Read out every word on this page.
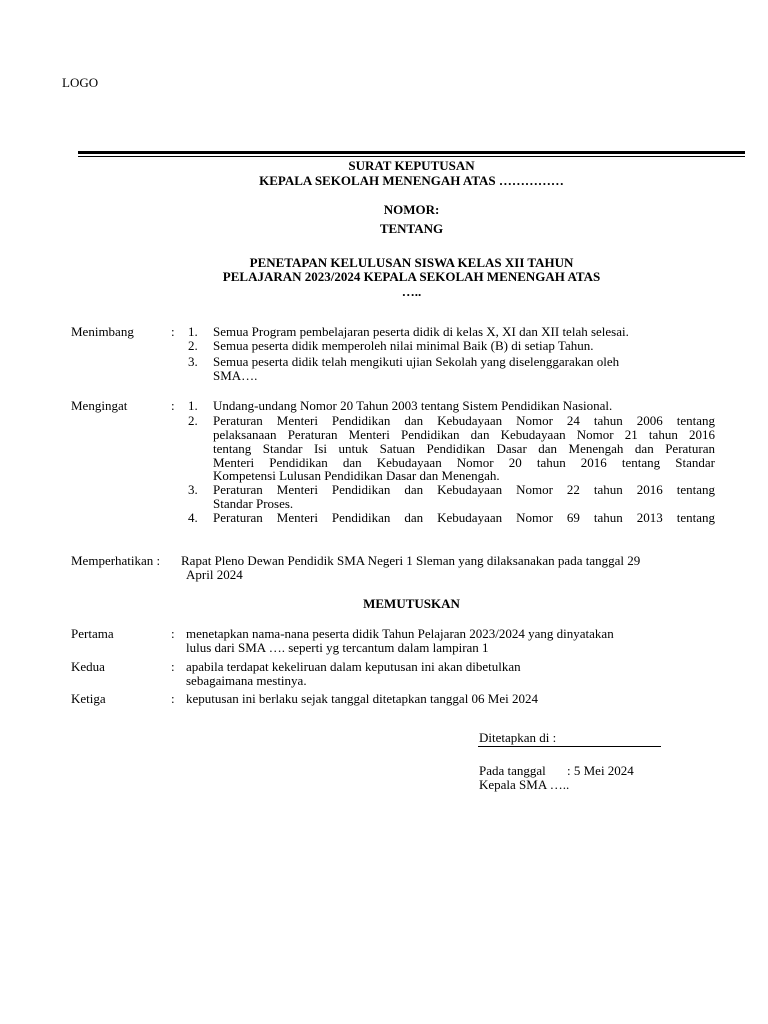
LOGO
SURAT KEPUTUSAN
KEPALA SEKOLAH MENENGAH ATAS ……………
NOMOR:
TENTANG
PENETAPAN KELULUSAN SISWA KELAS XII TAHUN
PELAJARAN 2023/2024 KEPALA SEKOLAH MENENGAH ATAS
…..
Menimbang	: 1. Semua Program pembelajaran peserta didik di kelas X, XI dan XII telah selesai.
2. Semua peserta didik memperoleh nilai minimal Baik (B) di setiap Tahun.
3. Semua peserta didik telah mengikuti ujian Sekolah yang diselenggarakan oleh
SMA….
Mengingat	: 1. Undang-undang Nomor 20 Tahun 2003 tentang Sistem Pendidikan Nasional.
2. Peraturan Menteri Pendidikan dan Kebudayaan Nomor 24 tahun 2006 tentang
pelaksanaan Peraturan Menteri Pendidikan dan Kebudayaan Nomor 21 tahun 2016
tentang Standar Isi untuk Satuan Pendidikan Dasar dan Menengah dan Peraturan
Menteri Pendidikan dan Kebudayaan Nomor 20 tahun 2016 tentang Standar
Kompetensi Lulusan Pendidikan Dasar dan Menengah.
3. Peraturan Menteri Pendidikan dan Kebudayaan Nomor 22 tahun 2016 tentang
Standar Proses.
4. Peraturan Menteri Pendidikan dan Kebudayaan Nomor 69 tahun 2013 tentang
Memperhatikan : Rapat Pleno Dewan Pendidik SMA Negeri 1 Sleman yang dilaksanakan pada tanggal 29
April 2024
MEMUTUSKAN
Pertama	: menetapkan nama-nana peserta didik Tahun Pelajaran 2023/2024 yang dinyatakan
lulus dari SMA …. seperti yg tercantum dalam lampiran 1
Kedua	: apabila terdapat kekeliruan dalam keputusan ini akan dibetulkan
sebagaimana mestinya.
Ketiga	: keputusan ini berlaku sejak tanggal ditetapkan tanggal 06 Mei 2024
Ditetapkan di :
Pada tanggal : 5 Mei 2024
Kepala SMA …..
